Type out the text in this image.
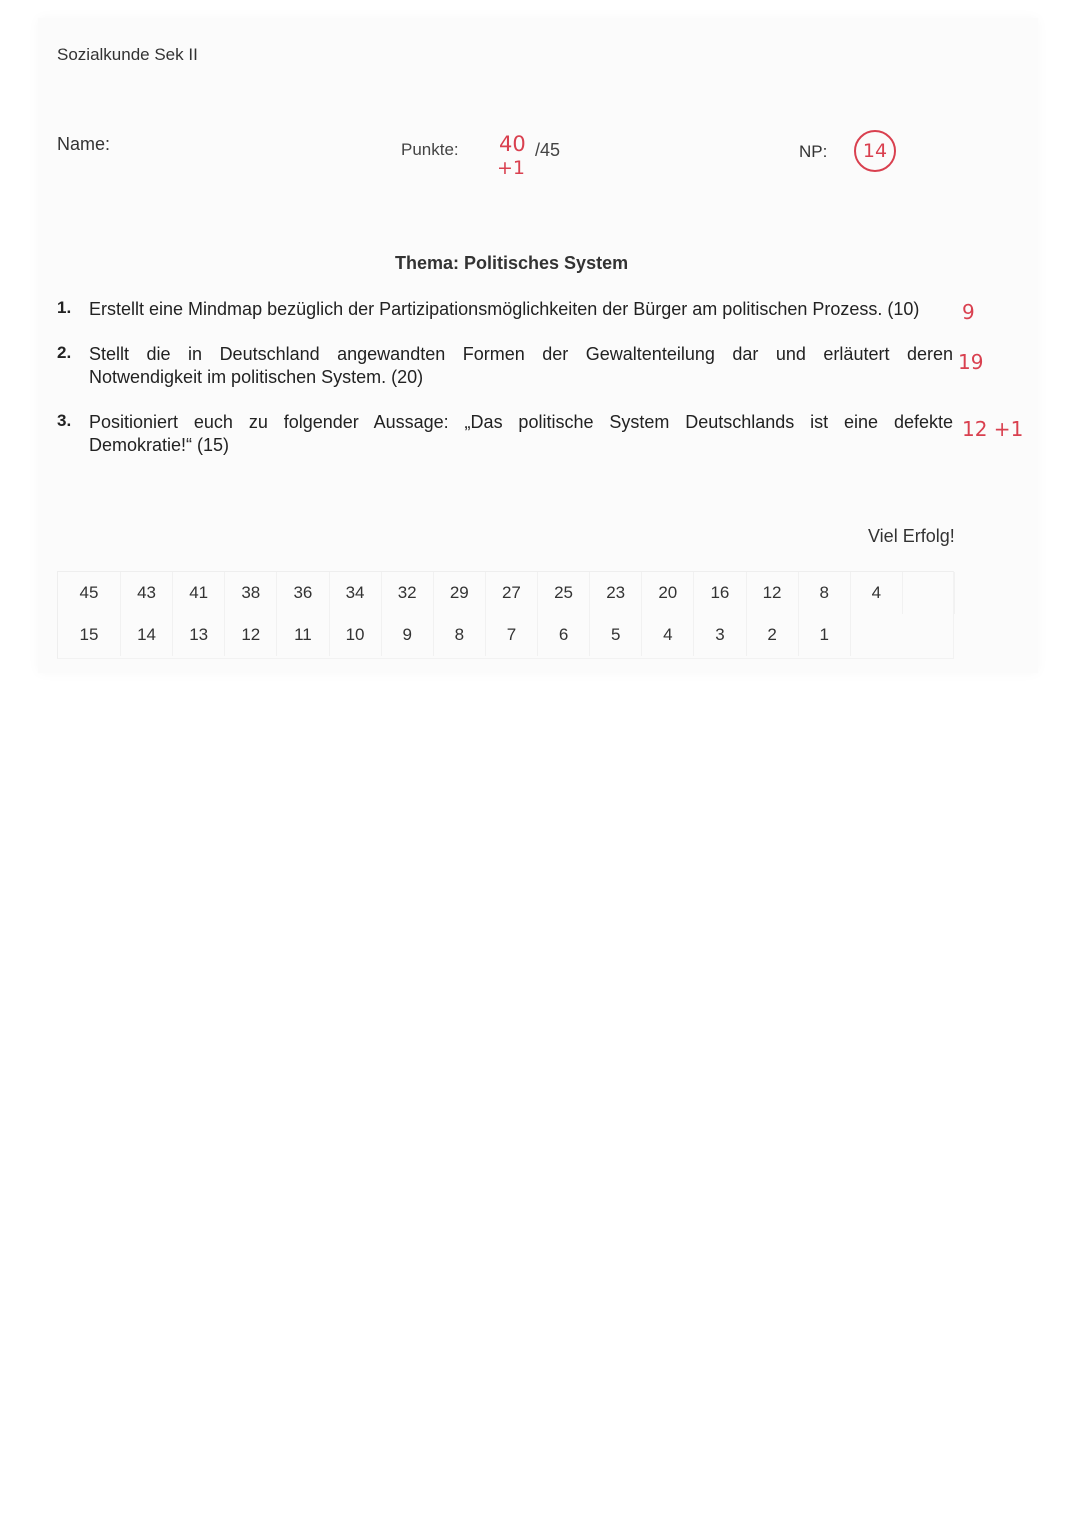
Sozialkunde Sek II
Name:	Punkte: 40
+1
/45	NP: 14
Thema: Politisches System
1. Erstellt eine Mindmap bezüglich der Partizipationsmöglichkeiten der Bürger am politischen Prozess. (10)
2. Stellt die in Deutschland angewandten Formen der Gewaltenteilung dar und erläutert deren
Notwendigkeit im politischen System. (20)
3. Positioniert euch zu folgender Aussage: „Das politische System Deutschlands ist eine defekte
Demokratie!“ (15)
9
19
12 +1
Viel Erfolg!
45	43	41	38	36	34	32	29	27	25	23	20	16	12	8	4
15	14	13	12	11	10	9	8	7	6	5	4	3	2	1
